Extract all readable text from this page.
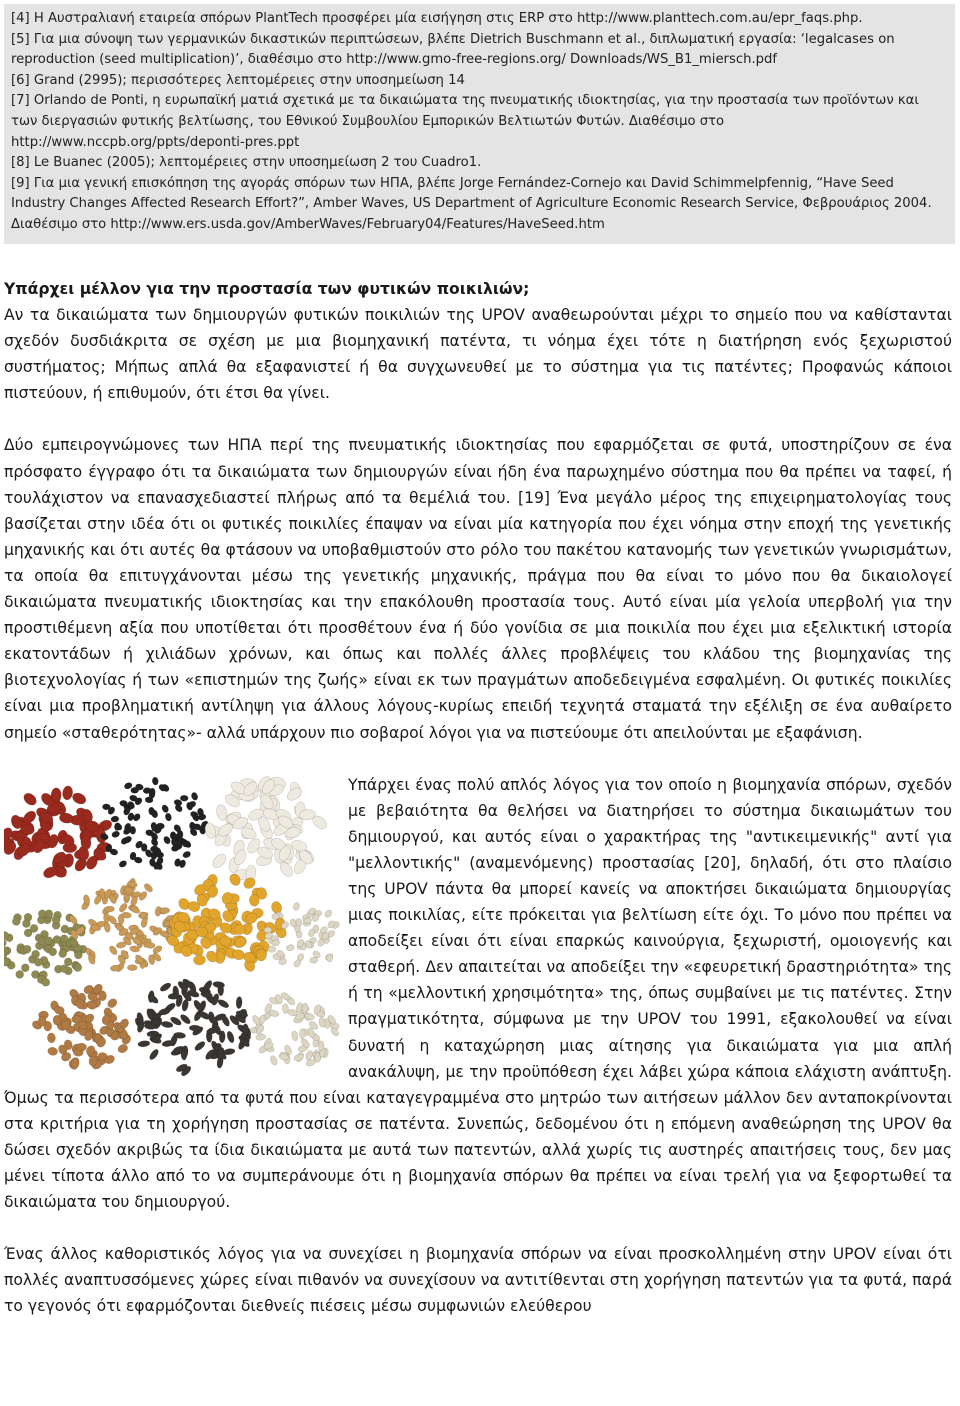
[4] Η Αυστραλιανή εταιρεία σπόρων PlantTech προσφέρει μία εισήγηση στις ERP στο http://www.planttech.com.au/epr_faqs.php.

[5] Για μια σύνοψη των γερμανικών δικαστικών περιπτώσεων, βλέπε Dietrich Buschmann et al., διπλωματική εργασία: ‘legalcases on reproduction (seed multiplication)’, διαθέσιμο στο http://www.gmo-free-regions.org/ Downloads/WS_B1_miersch.pdf

[6] Grand (2995); περισσότερες λεπτομέρειες στην υποσημείωση 14

[7] Orlando de Ponti, η ευρωπαϊκή ματιά σχετικά με τα δικαιώματα της πνευματικής ιδιοκτησίας, για την προστασία των προϊόντων και των διεργασιών φυτικής βελτίωσης, του Εθνικού Συμβουλίου Εμπορικών Βελτιωτών Φυτών. Διαθέσιμο στο http://www.nccpb.org/ppts/deponti-pres.ppt

[8] Le Buanec (2005); λεπτομέρειες στην υποσημείωση 2 του Cuadro1.

[9] Για μια γενική επισκόπηση της αγοράς σπόρων των ΗΠΑ, βλέπε Jorge Fernández-Cornejo και David Schimmelpfennig, “Have Seed Industry Changes Affected Research Effort?”, Amber Waves, US Department of Agriculture Economic Research Service, Φεβρουάριος 2004. Διαθέσιμο στο http://www.ers.usda.gov/AmberWaves/February04/Features/HaveSeed.htm

Υπάρχει μέλλον για την προστασία των φυτικών ποικιλιών;

Αν τα δικαιώματα των δημιουργών φυτικών ποικιλιών της UPOV αναθεωρούνται μέχρι το σημείο που να καθίστανται σχεδόν δυσδιάκριτα σε σχέση με μια βιομηχανική πατέντα, τι νόημα έχει τότε η διατήρηση ενός ξεχωριστού συστήματος; Μήπως απλά θα εξαφανιστεί ή θα συγχωνευθεί με το σύστημα για τις πατέντες; Προφανώς κάποιοι πιστεύουν, ή επιθυμούν, ότι έτσι θα γίνει.

Δύο εμπειρογνώμονες των ΗΠΑ περί της πνευματικής ιδιοκτησίας που εφαρμόζεται σε φυτά, υποστηρίζουν σε ένα πρόσφατο έγγραφο ότι τα δικαιώματα των δημιουργών είναι ήδη ένα παρωχημένο σύστημα που θα πρέπει να ταφεί, ή τουλάχιστον να επανασχεδιαστεί πλήρως από τα θεμέλιά του. [19] Ένα μεγάλο μέρος της επιχειρηματολογίας τους βασίζεται στην ιδέα ότι οι φυτικές ποικιλίες έπαψαν να είναι μία κατηγορία που έχει νόημα στην εποχή της γενετικής μηχανικής και ότι αυτές θα φτάσουν να υποβαθμιστούν στο ρόλο του πακέτου κατανομής των γενετικών γνωρισμάτων, τα οποία θα επιτυγχάνονται μέσω της γενετικής μηχανικής, πράγμα που θα είναι το μόνο που θα δικαιολογεί δικαιώματα πνευματικής ιδιοκτησίας και την επακόλουθη προστασία τους. Αυτό είναι μία γελοία υπερβολή για την προστιθέμενη αξία που υποτίθεται ότι προσθέτουν ένα ή δύο γονίδια σε μια ποικιλία που έχει μια εξελικτική ιστορία εκατοντάδων ή χιλιάδων χρόνων, και όπως και πολλές άλλες προβλέψεις του κλάδου της βιομηχανίας της βιοτεχνολογίας ή των «επιστημών της ζωής» είναι εκ των πραγμάτων αποδεδειγμένα εσφαλμένη. Οι φυτικές ποικιλίες είναι μια προβληματική αντίληψη για άλλους λόγους-κυρίως επειδή τεχνητά σταματά την εξέλιξη σε ένα αυθαίρετο σημείο «σταθερότητας»- αλλά υπάρχουν πιο σοβαροί λόγοι για να πιστεύουμε ότι απειλούνται με εξαφάνιση.

Υπάρχει ένας πολύ απλός λόγος για τον οποίο η βιομηχανία σπόρων, σχεδόν με βεβαιότητα θα θελήσει να διατηρήσει το σύστημα δικαιωμάτων του δημιουργού, και αυτός είναι ο χαρακτήρας της "αντικειμενικής" αντί για "μελλοντικής" (αναμενόμενης) προστασίας [20], δηλαδή, ότι στο πλαίσιο της UPOV πάντα θα μπορεί κανείς να αποκτήσει δικαιώματα δημιουργίας μιας ποικιλίας, είτε πρόκειται για βελτίωση είτε όχι. Το μόνο που πρέπει να αποδείξει είναι ότι είναι επαρκώς καινούργια, ξεχωριστή, ομοιογενής και σταθερή. Δεν απαιτείται να αποδείξει την «εφευρετική δραστηριότητα» της ή τη «μελλοντική χρησιμότητα» της, όπως συμβαίνει με τις πατέντες. Στην πραγματικότητα, σύμφωνα με την UPOV του 1991, εξακολουθεί να είναι δυνατή η καταχώρηση μιας αίτησης για δικαιώματα για μια απλή ανακάλυψη, με την προϋπόθεση έχει λάβει χώρα κάποια ελάχιστη ανάπτυξη. Όμως τα περισσότερα από τα φυτά που είναι καταγεγραμμένα στο μητρώο των αιτήσεων μάλλον δεν ανταποκρίνονται στα κριτήρια για τη χορήγηση προστασίας σε πατέντα. Συνεπώς, δεδομένου ότι η επόμενη αναθεώρηση της UPOV θα δώσει σχεδόν ακριβώς τα ίδια δικαιώματα με αυτά των πατεντών, αλλά χωρίς τις αυστηρές απαιτήσεις τους, δεν μας μένει τίποτα άλλο από το να συμπεράνουμε ότι η βιομηχανία σπόρων θα πρέπει να είναι τρελή για να ξεφορτωθεί τα δικαιώματα του δημιουργού.

Ένας άλλος καθοριστικός λόγος για να συνεχίσει η βιομηχανία σπόρων να είναι προσκολλημένη στην UPOV είναι ότι πολλές αναπτυσσόμενες χώρες είναι πιθανόν να συνεχίσουν να αντιτίθενται στη χορήγηση πατεντών για τα φυτά, παρά το γεγονός ότι εφαρμόζονται διεθνείς πιέσεις μέσω συμφωνιών ελεύθερου
